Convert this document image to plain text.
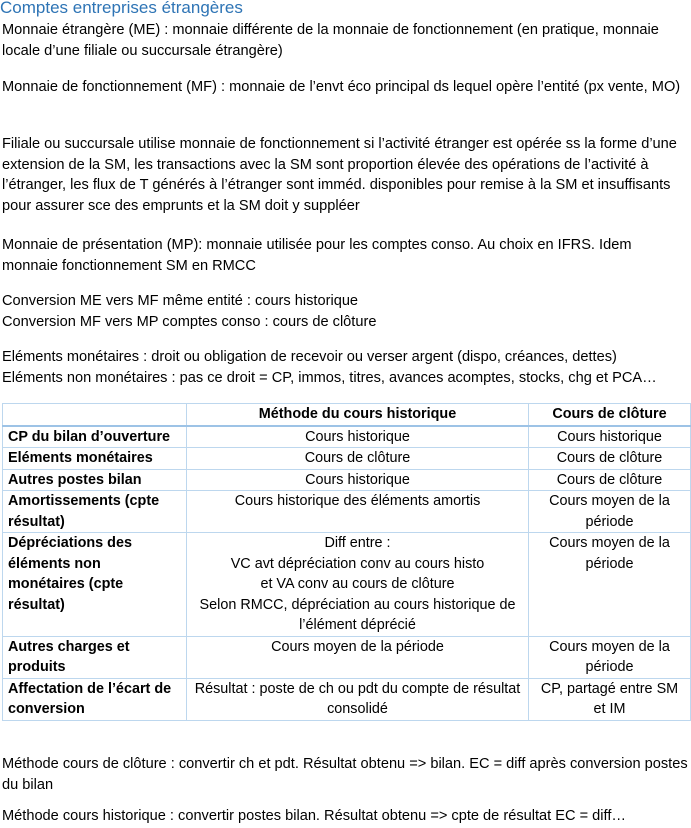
Comptes entreprises étrangères

Monnaie étrangère (ME) : monnaie différente de la monnaie de fonctionnement (en pratique, monnaie locale d’une filiale ou succursale étrangère)

Monnaie de fonctionnement (MF) : monnaie de l’envt éco principal ds lequel opère l’entité (px vente, MO)

Filiale ou succursale utilise monnaie de fonctionnement si l’activité étranger est opérée ss la forme d’une extension de la SM, les transactions avec la SM sont proportion élevée des opérations de l’activité à l’étranger, les flux de T générés à l’étranger sont imméd. disponibles pour remise à la SM et insuffisants pour assurer sce des emprunts et la SM doit y suppléer

Monnaie de présentation (MP): monnaie utilisée pour les comptes conso. Au choix en IFRS. Idem monnaie fonctionnement SM en RMCC

Conversion ME vers MF même entité : cours historique

Conversion MF vers MP comptes conso : cours de clôture

Eléments monétaires : droit ou obligation de recevoir ou verser argent (dispo, créances, dettes)

Eléments non monétaires : pas ce droit = CP, immos, titres, avances acomptes, stocks, chg et PCA…

	Méthode du cours historique	Cours de clôture
CP du bilan d’ouverture	Cours historique	Cours historique
Eléments monétaires	Cours de clôture	Cours de clôture
Autres postes bilan	Cours historique	Cours de clôture
Amortissements (cpte résultat)	Cours historique des éléments amortis	Cours moyen de la période
Dépréciations des éléments non monétaires (cpte résultat)	Diff entre :
VC avt dépréciation conv au cours histo
et VA conv au cours de clôture
Selon RMCC, dépréciation au cours historique de l’élément déprécié	Cours moyen de la période
Autres charges et produits	Cours moyen de la période	Cours moyen de la période
Affectation de l’écart de conversion	Résultat : poste de ch ou pdt du compte de résultat consolidé	CP, partagé entre SM et IM

Méthode cours de clôture : convertir ch et pdt. Résultat obtenu => bilan. EC = diff après conversion postes du bilan

Méthode cours historique : convertir postes bilan. Résultat obtenu => cpte de résultat EC = diff…
